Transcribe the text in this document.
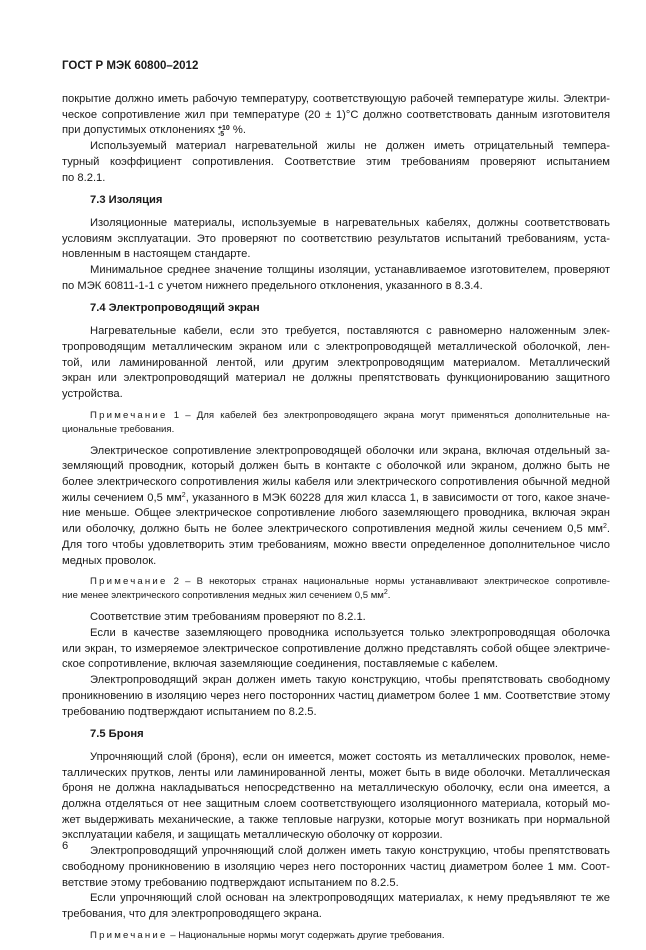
ГОСТ Р МЭК 60800–2012
покрытие должно иметь рабочую температуру, соответствующую рабочей температуре жилы. Электри-
ческое сопротивление жил при температуре (20 ± 1)°С должно соответствовать данным изготовителя
при допустимых отклонениях +10
-5 %.
Используемый материал нагревательной жилы не должен иметь отрицательный темпера-
турный коэффициент сопротивления. Соответствие этим требованиям проверяют испытанием
по 8.2.1.
7.3 Изоляция
Изоляционные материалы, используемые в нагревательных кабелях, должны соответствовать
условиям эксплуатации. Это проверяют по соответствию результатов испытаний требованиям, уста-
новленным в настоящем стандарте.
Минимальное среднее значение толщины изоляции, устанавливаемое изготовителем, проверяют
по МЭК 60811-1-1 с учетом нижнего предельного отклонения, указанного в 8.3.4.
7.4 Электропроводящий экран
Нагревательные кабели, если это требуется, поставляются с равномерно наложенным элек-
тропроводящим металлическим экраном или с электропроводящей металлической оболочкой, лен-
той, или ламинированной лентой, или другим электропроводящим материалом. Металлический
экран или электропроводящий материал не должны препятствовать функционированию защитного
устройства.
Примечание 1 – Для кабелей без электропроводящего экрана могут применяться дополнительные на-
циональные требования.
Электрическое сопротивление электропроводящей оболочки или экрана, включая отдельный за-
земляющий проводник, который должен быть в контакте с оболочкой или экраном, должно быть не
более электрического сопротивления жилы кабеля или электрического сопротивления обычной медной
жилы сечением 0,5 $мм^2$, указанного в МЭК 60228 для жил класса 1, в зависимости от того, какое значе-
ние меньше. Общее электрическое сопротивление любого заземляющего проводника, включая экран
или оболочку, должно быть не более электрического сопротивления медной жилы сечением 0,5 $мм^2$.
Для того чтобы удовлетворить этим требованиям, можно ввести определенное дополнительное число
медных проволок.
Примечание 2 – В некоторых странах национальные нормы устанавливают электрическое сопротивле-
ние менее электрического сопротивления медных жил сечением 0,5 $мм^2$.
Соответствие этим требованиям проверяют по 8.2.1.
Если в качестве заземляющего проводника используется только электропроводящая оболочка
или экран, то измеряемое электрическое сопротивление должно представлять собой общее электриче-
ское сопротивление, включая заземляющие соединения, поставляемые с кабелем.
Электропроводящий экран должен иметь такую конструкцию, чтобы препятствовать свободному
проникновению в изоляцию через него посторонних частиц диаметром более 1 мм. Соответствие этому
требованию подтверждают испытанием по 8.2.5.
7.5 Броня
Упрочняющий слой (броня), если он имеется, может состоять из металлических проволок, неме-
таллических прутков, ленты или ламинированной ленты, может быть в виде оболочки. Металлическая
броня не должна накладываться непосредственно на металлическую оболочку, если она имеется, а
должна отделяться от нее защитным слоем соответствующего изоляционного материала, который мо-
жет выдерживать механические, а также тепловые нагрузки, которые могут возникать при нормальной
эксплуатации кабеля, и защищать металлическую оболочку от коррозии.
Электропроводящий упрочняющий слой должен иметь такую конструкцию, чтобы препятствовать
свободному проникновению в изоляцию через него посторонних частиц диаметром более 1 мм. Соот-
ветствие этому требованию подтверждают испытанием по 8.2.5.
Если упрочняющий слой основан на электропроводящих материалах, к нему предъявляют те же
требования, что для электропроводящего экрана.
Примечание – Национальные нормы могут содержать другие требования.
6
